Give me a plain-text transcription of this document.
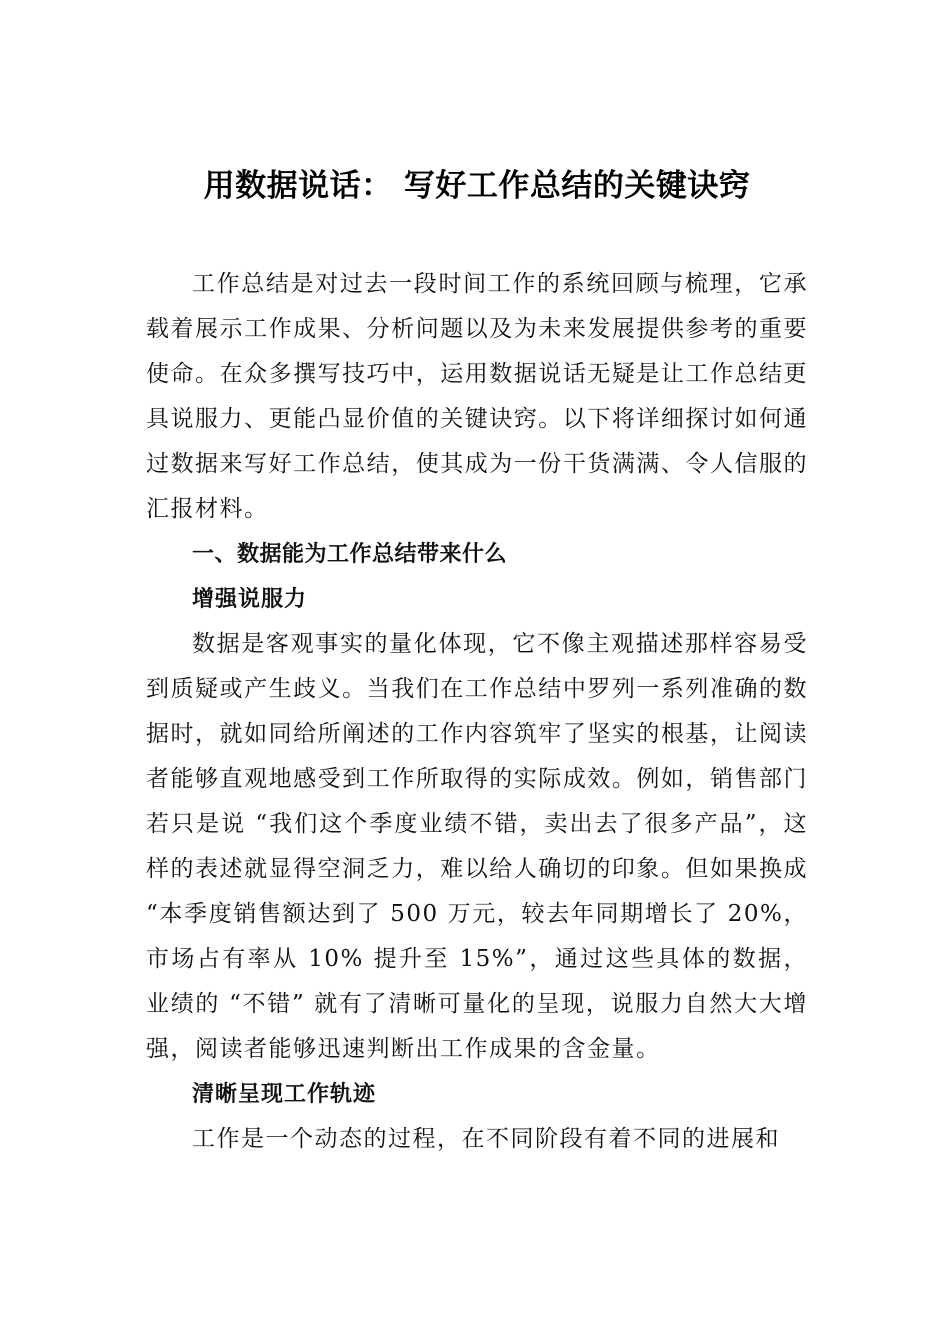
用数据说话： 写好工作总结的关键诀窍

工作总结是对过去一段时间工作的系统回顾与梳理，它承载着展示工作成果、分析问题以及为未来发展提供参考的重要使命。在众多撰写技巧中，运用数据说话无疑是让工作总结更具说服力、更能凸显价值的关键诀窍。以下将详细探讨如何通过数据来写好工作总结，使其成为一份干货满满、令人信服的汇报材料。

一、数据能为工作总结带来什么
增强说服力

数据是客观事实的量化体现，它不像主观描述那样容易受到质疑或产生歧义。当我们在工作总结中罗列一系列准确的数据时，就如同给所阐述的工作内容筑牢了坚实的根基，让阅读者能够直观地感受到工作所取得的实际成效。例如，销售部门若只是说 “我们这个季度业绩不错，卖出去了很多产品”，这样的表述就显得空洞乏力，难以给人确切的印象。但如果换成 “本季度销售额达到了 500 万元，较去年同期增长了 20%，市场占有率从 10% 提升至 15%”，通过这些具体的数据，业绩的 “不错” 就有了清晰可量化的呈现，说服力自然大大增强，阅读者能够迅速判断出工作成果的含金量。

清晰呈现工作轨迹

工作是一个动态的过程，在不同阶段有着不同的进展和
